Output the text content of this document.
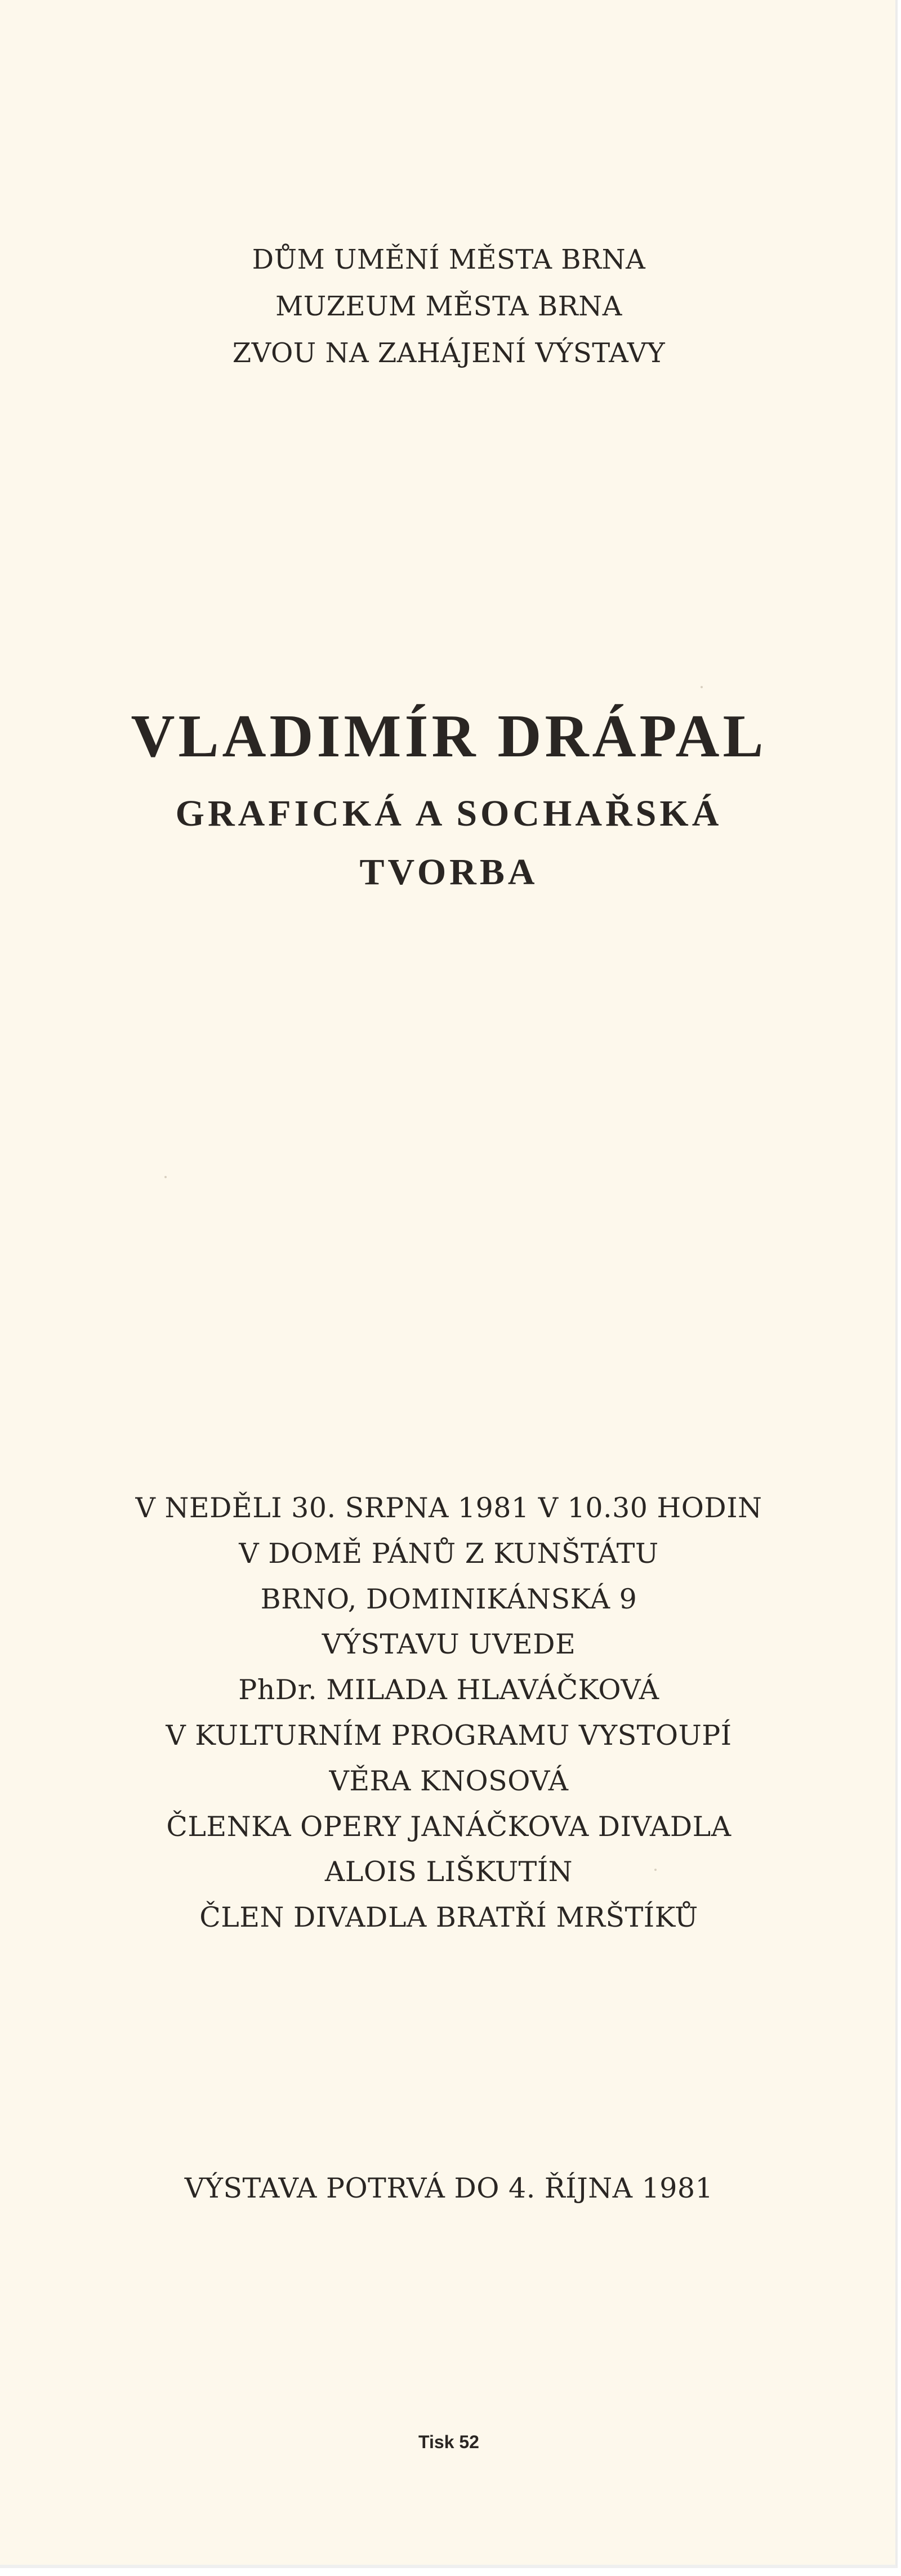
DŮM UMĚNÍ MĚSTA BRNA
MUZEUM MĚSTA BRNA
ZVOU NA ZAHÁJENÍ VÝSTAVY
VLADIMÍR DRÁPAL
GRAFICKÁ A SOCHAŘSKÁ
TVORBA
V NEDĚLI 30. SRPNA 1981 V 10.30 HODIN
V DOMĚ PÁNŮ Z KUNŠTÁTU
BRNO, DOMINIKÁNSKÁ 9
VÝSTAVU UVEDE
PhDr. MILADA HLAVÁČKOVÁ
V KULTURNÍM PROGRAMU VYSTOUPÍ
VĚRA KNOSOVÁ
ČLENKA OPERY JANÁČKOVA DIVADLA
ALOIS LIŠKUTÍN
ČLEN DIVADLA BRATŘÍ MRŠTÍKŮ
VÝSTAVA POTRVÁ DO 4. ŘÍJNA 1981
Tisk 52
